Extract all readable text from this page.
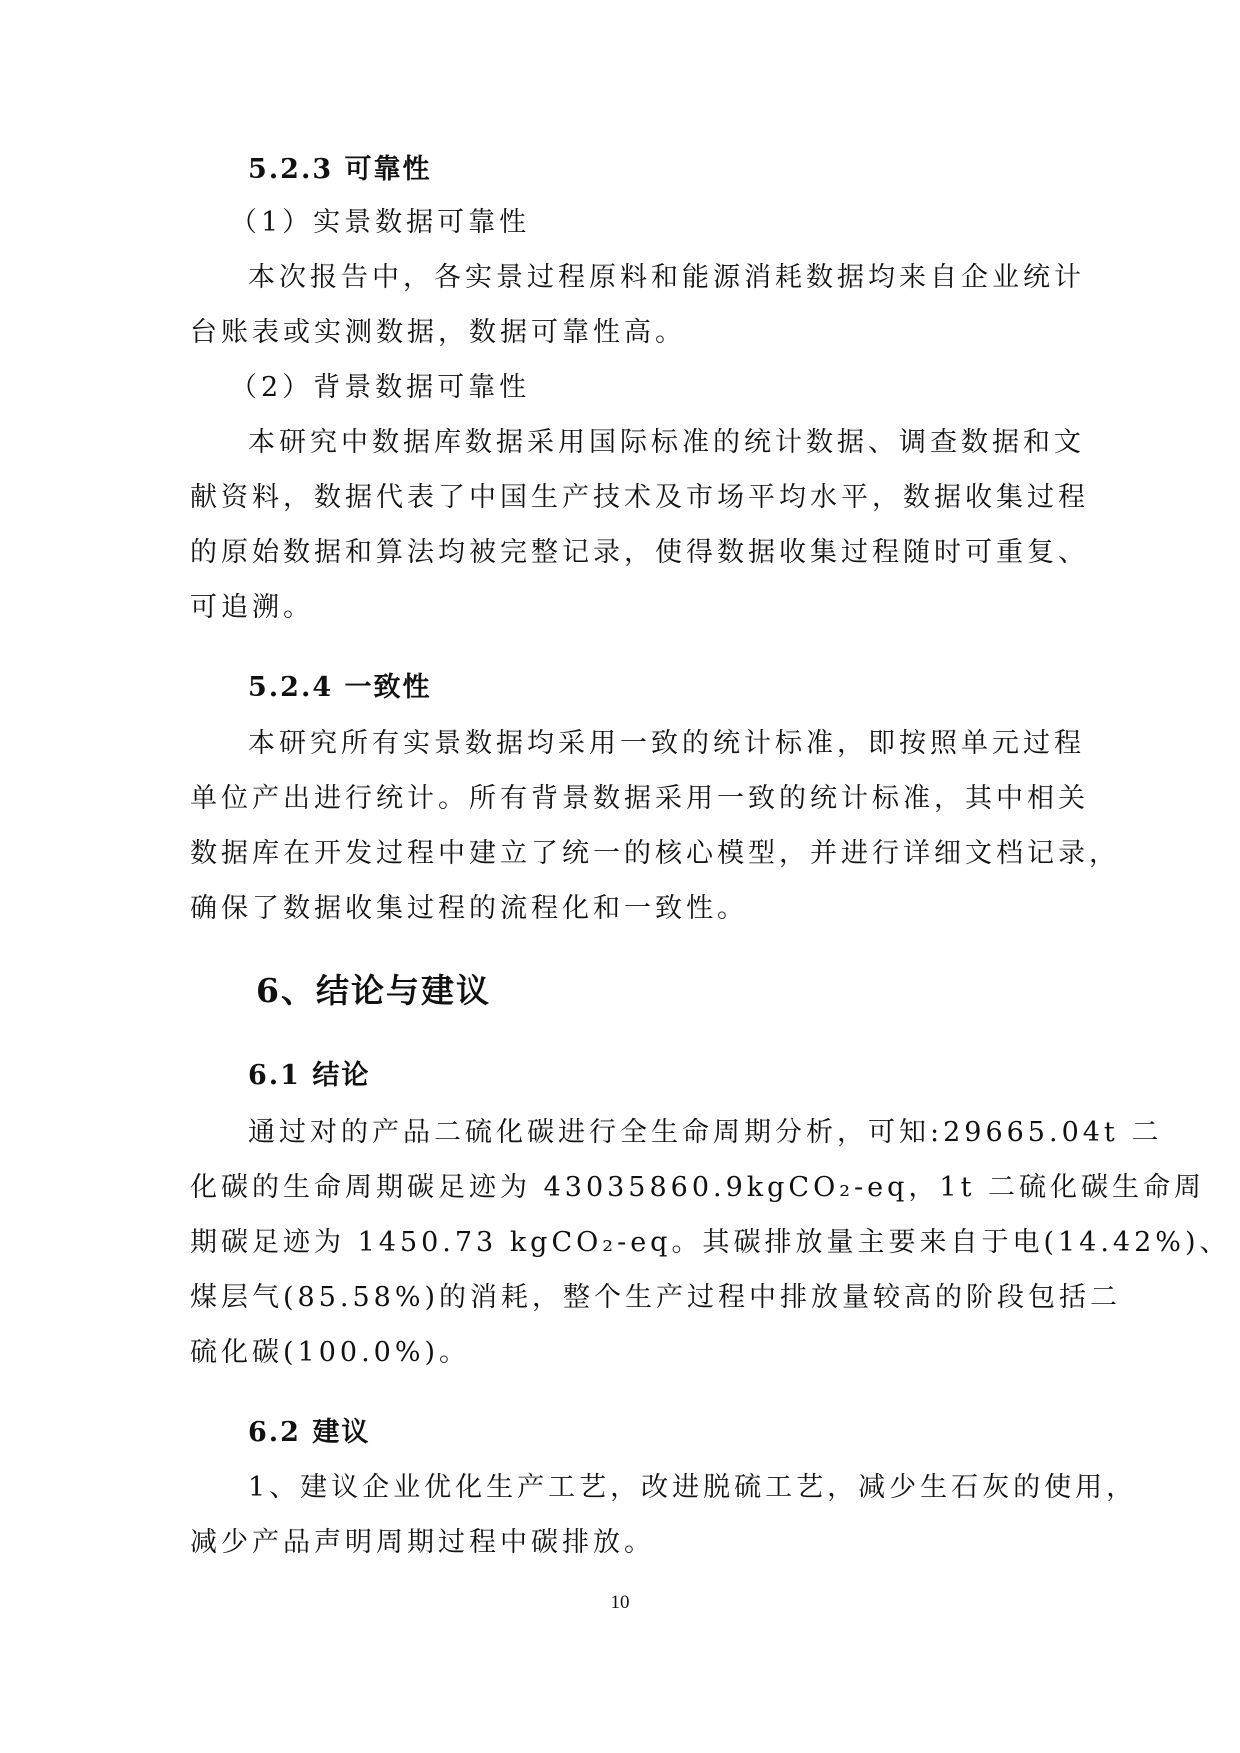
5.2.3 可靠性
（1）实景数据可靠性
本次报告中，各实景过程原料和能源消耗数据均来自企业统计
台账表或实测数据，数据可靠性高。
（2）背景数据可靠性
本研究中数据库数据采用国际标准的统计数据、调查数据和文
献资料，数据代表了中国生产技术及市场平均水平，数据收集过程
的原始数据和算法均被完整记录，使得数据收集过程随时可重复、
可追溯。
5.2.4 一致性
本研究所有实景数据均采用一致的统计标准，即按照单元过程
单位产出进行统计。所有背景数据采用一致的统计标准，其中相关
数据库在开发过程中建立了统一的核心模型，并进行详细文档记录，
确保了数据收集过程的流程化和一致性。
6、结论与建议
6.1 结论
通过对的产品二硫化碳进行全生命周期分析，可知:29665.04t 二
化碳的生命周期碳足迹为 43035860.9kgCO₂-eq，1t 二硫化碳生命周
期碳足迹为 1450.73 kgCO₂-eq。其碳排放量主要来自于电(14.42%)、
煤层气(85.58%)的消耗，整个生产过程中排放量较高的阶段包括二
硫化碳(100.0%)。
6.2 建议
1、建议企业优化生产工艺，改进脱硫工艺，减少生石灰的使用，
减少产品声明周期过程中碳排放。
10
